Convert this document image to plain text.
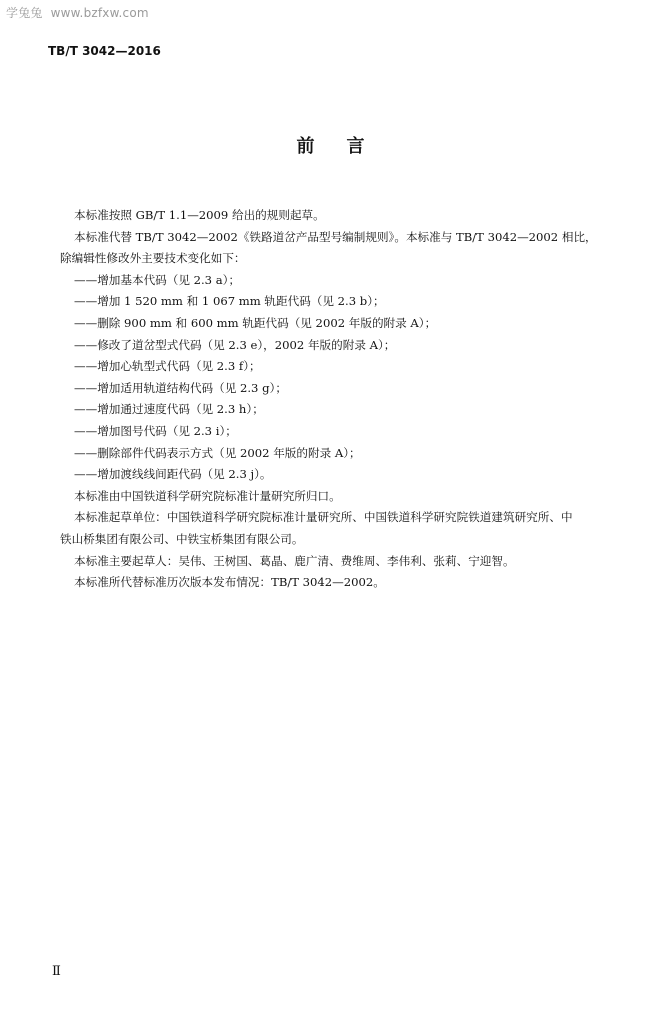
学兔兔 www.bzfxw.com
TB/T 3042—2016
前言

本标准按照 GB/T 1.1—2009 给出的规则起草。

本标准代替 TB/T 3042—2002《铁路道岔产品型号编制规则》。本标准与 TB/T 3042—2002 相比，

除编辑性修改外主要技术变化如下：

——增加基本代码（见 2.3 a）；

——增加 1 520 mm 和 1 067 mm 轨距代码（见 2.3 b）；

——删除 900 mm 和 600 mm 轨距代码（见 2002 年版的附录 A）；

——修改了道岔型式代码（见 2.3 e），2002 年版的附录 A）；

——增加心轨型式代码（见 2.3 f）；

——增加适用轨道结构代码（见 2.3 g）；

——增加通过速度代码（见 2.3 h）；

——增加图号代码（见 2.3 i）；

——删除部件代码表示方式（见 2002 年版的附录 A）；

——增加渡线线间距代码（见 2.3 j）。

本标准由中国铁道科学研究院标准计量研究所归口。

本标准起草单位：中国铁道科学研究院标准计量研究所、中国铁道科学研究院铁道建筑研究所、中

铁山桥集团有限公司、中铁宝桥集团有限公司。

本标准主要起草人：吴伟、王树国、葛晶、鹿广清、费维周、李伟利、张莉、宁迎智。

本标准所代替标准历次版本发布情况：TB/T 3042—2002。

Ⅱ
